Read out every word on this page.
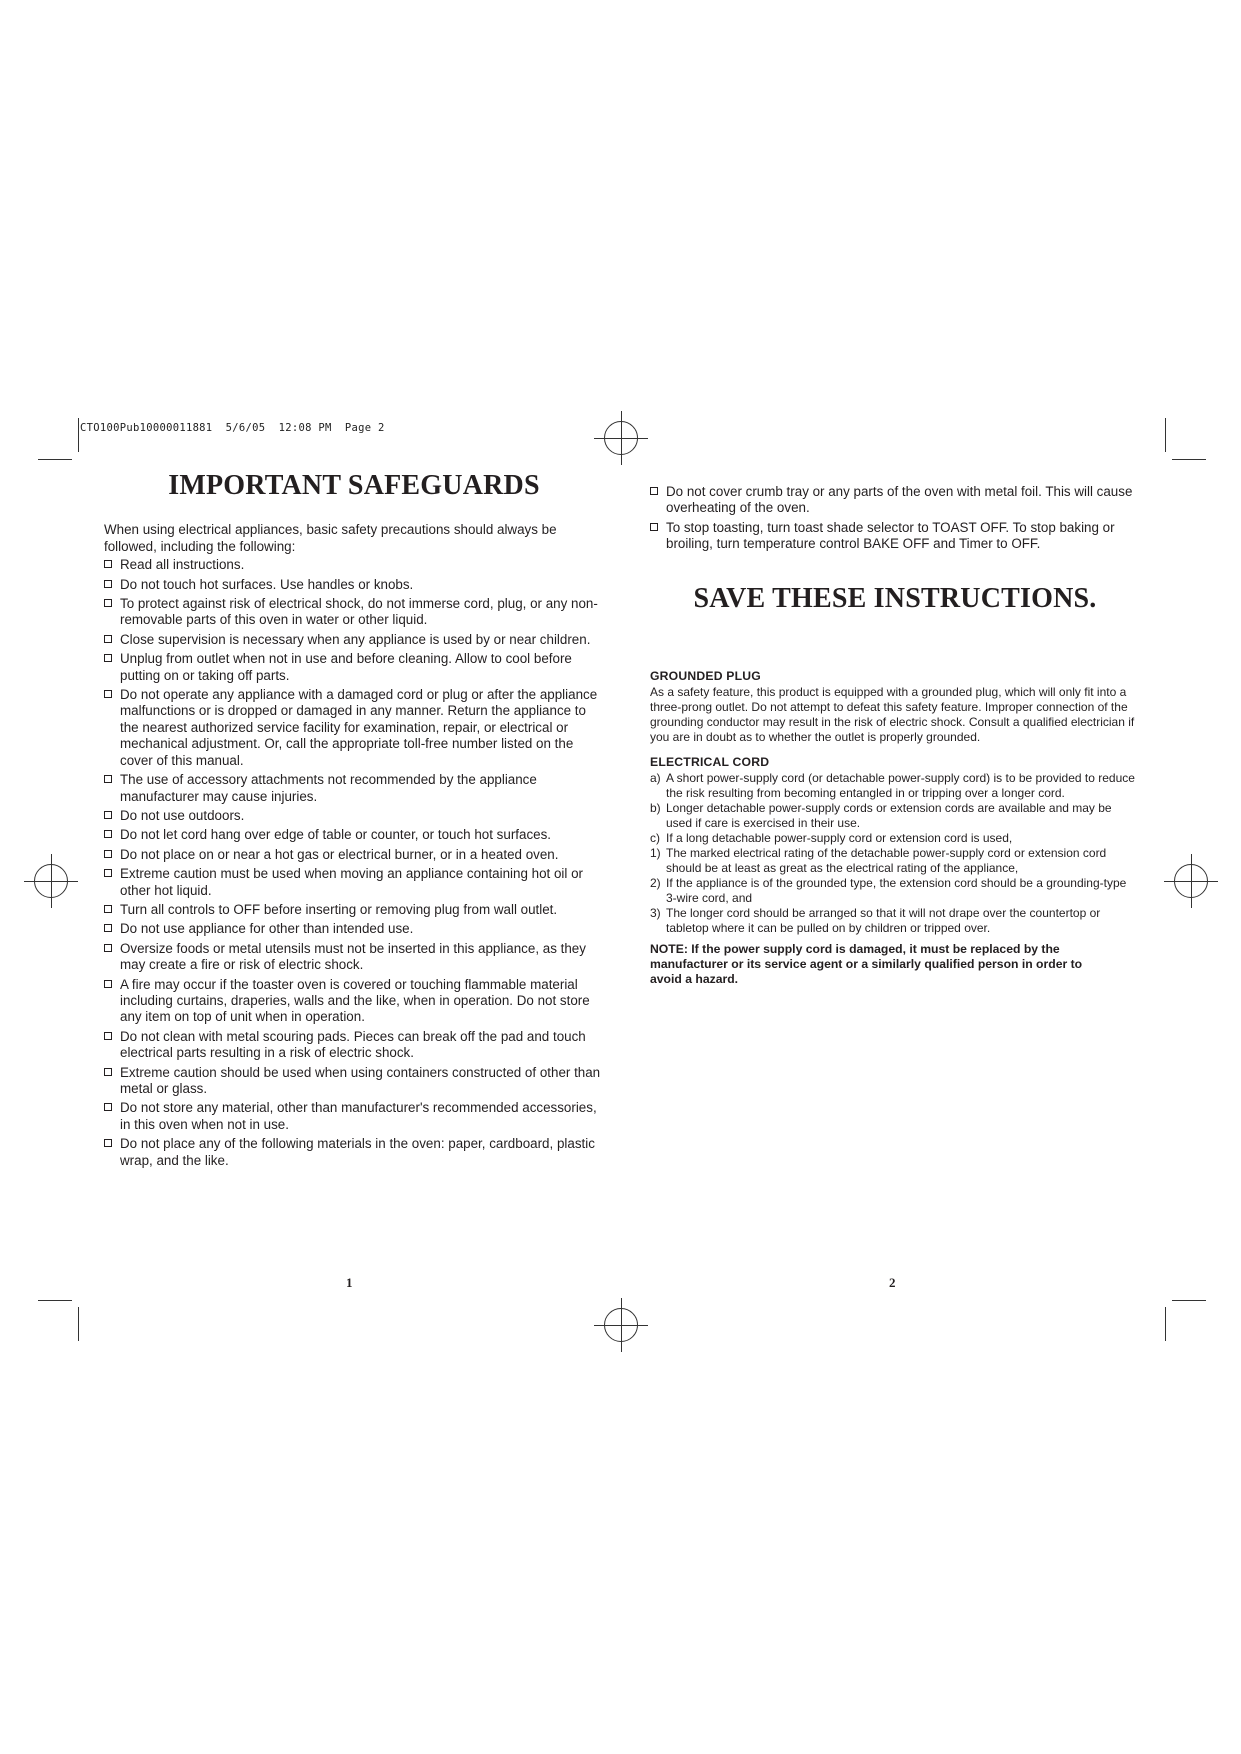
CTO100Pub10000011881  5/6/05  12:08 PM  Page 2
IMPORTANT SAFEGUARDS

When using electrical appliances, basic safety precautions should always be followed, including the following:

Read all instructions.
Do not touch hot surfaces. Use handles or knobs.
To protect against risk of electrical shock, do not immerse cord, plug, or any non-removable parts of this oven in water or other liquid.
Close supervision is necessary when any appliance is used by or near children.
Unplug from outlet when not in use and before cleaning. Allow to cool before putting on or taking off parts.
Do not operate any appliance with a damaged cord or plug or after the appliance malfunctions or is dropped or damaged in any manner. Return the appliance to the nearest authorized service facility for examination, repair, or electrical or mechanical adjustment. Or, call the appropriate toll-free number listed on the cover of this manual.
The use of accessory attachments not recommended by the appliance manufacturer may cause injuries.
Do not use outdoors.
Do not let cord hang over edge of table or counter, or touch hot surfaces.
Do not place on or near a hot gas or electrical burner, or in a heated oven.
Extreme caution must be used when moving an appliance containing hot oil or other hot liquid.
Turn all controls to OFF before inserting or removing plug from wall outlet.
Do not use appliance for other than intended use.
Oversize foods or metal utensils must not be inserted in this appliance, as they may create a fire or risk of electric shock.
A fire may occur if the toaster oven is covered or touching flammable material including curtains, draperies, walls and the like, when in operation. Do not store any item on top of unit when in operation.
Do not clean with metal scouring pads. Pieces can break off the pad and touch electrical parts resulting in a risk of electric shock.
Extreme caution should be used when using containers constructed of other than metal or glass.
Do not store any material, other than manufacturer's recommended accessories, in this oven when not in use.
Do not place any of the following materials in the oven: paper, cardboard, plastic wrap, and the like.
Do not cover crumb tray or any parts of the oven with metal foil. This will cause overheating of the oven.
To stop toasting, turn toast shade selector to TOAST OFF. To stop baking or broiling, turn temperature control BAKE OFF and Timer to OFF.
SAVE THESE INSTRUCTIONS.
GROUNDED PLUG
As a safety feature, this product is equipped with a grounded plug, which will only fit into a three-prong outlet. Do not attempt to defeat this safety feature. Improper connection of the grounding conductor may result in the risk of electric shock. Consult a qualified electrician if you are in doubt as to whether the outlet is properly grounded.
ELECTRICAL CORD
a) A short power-supply cord (or detachable power-supply cord) is to be provided to reduce the risk resulting from becoming entangled in or tripping over a longer cord.
b) Longer detachable power-supply cords or extension cords are available and may be used if care is exercised in their use.
c) If a long detachable power-supply cord or extension cord is used,
1) The marked electrical rating of the detachable power-supply cord or extension cord should be at least as great as the electrical rating of the appliance,
2) If the appliance is of the grounded type, the extension cord should be a grounding-type 3-wire cord, and
3) The longer cord should be arranged so that it will not drape over the countertop or tabletop where it can be pulled on by children or tripped over.
NOTE: If the power supply cord is damaged, it must be replaced by the manufacturer or its service agent or a similarly qualified person in order to avoid a hazard.
1	2
